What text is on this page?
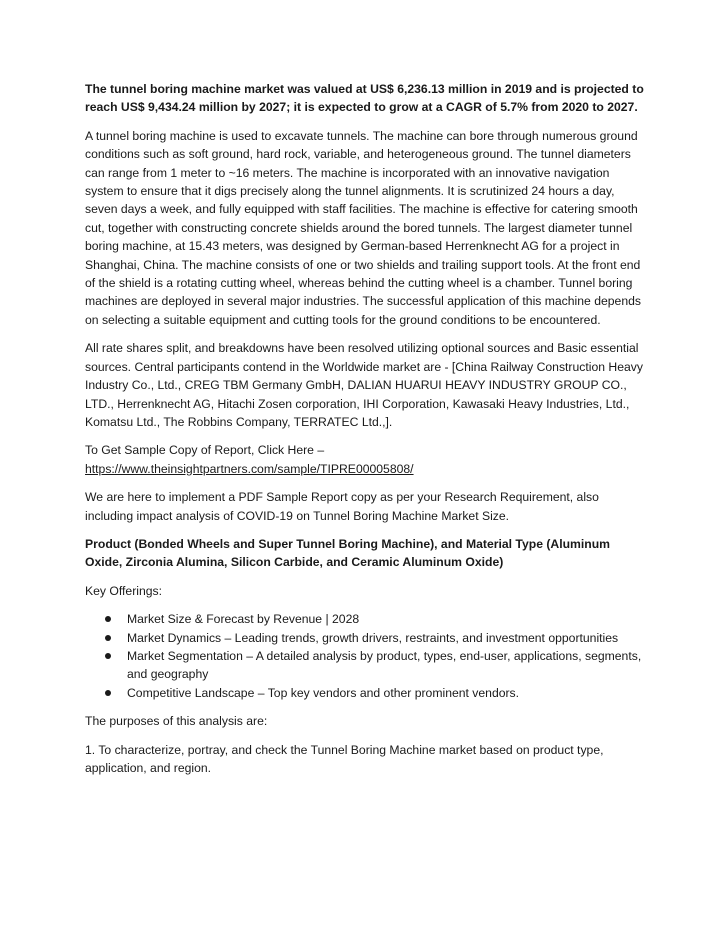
The tunnel boring machine market was valued at US$ 6,236.13 million in 2019 and is projected to reach US$ 9,434.24 million by 2027; it is expected to grow at a CAGR of 5.7% from 2020 to 2027.

A tunnel boring machine is used to excavate tunnels. The machine can bore through numerous ground conditions such as soft ground, hard rock, variable, and heterogeneous ground. The tunnel diameters can range from 1 meter to ~16 meters. The machine is incorporated with an innovative navigation system to ensure that it digs precisely along the tunnel alignments. It is scrutinized 24 hours a day, seven days a week, and fully equipped with staff facilities. The machine is effective for catering smooth cut, together with constructing concrete shields around the bored tunnels. The largest diameter tunnel boring machine, at 15.43 meters, was designed by German-based Herrenknecht AG for a project in Shanghai, China. The machine consists of one or two shields and trailing support tools. At the front end of the shield is a rotating cutting wheel, whereas behind the cutting wheel is a chamber. Tunnel boring machines are deployed in several major industries. The successful application of this machine depends on selecting a suitable equipment and cutting tools for the ground conditions to be encountered.

All rate shares split, and breakdowns have been resolved utilizing optional sources and Basic essential sources. Central participants contend in the Worldwide market are - [China Railway Construction Heavy Industry Co., Ltd., CREG TBM Germany GmbH, DALIAN HUARUI HEAVY INDUSTRY GROUP CO., LTD., Herrenknecht AG, Hitachi Zosen corporation, IHI Corporation, Kawasaki Heavy Industries, Ltd., Komatsu Ltd., The Robbins Company, TERRATEC Ltd.,].

To Get Sample Copy of Report, Click Here –
https://www.theinsightpartners.com/sample/TIPRE00005808/

We are here to implement a PDF Sample Report copy as per your Research Requirement, also including impact analysis of COVID-19 on Tunnel Boring Machine Market Size.

Product (Bonded Wheels and Super Tunnel Boring Machine), and Material Type (Aluminum Oxide, Zirconia Alumina, Silicon Carbide, and Ceramic Aluminum Oxide)

Key Offerings:

Market Size & Forecast by Revenue | 2028
Market Dynamics – Leading trends, growth drivers, restraints, and investment opportunities
Market Segmentation – A detailed analysis by product, types, end-user, applications, segments, and geography
Competitive Landscape – Top key vendors and other prominent vendors.

The purposes of this analysis are:

1. To characterize, portray, and check the Tunnel Boring Machine market based on product type, application, and region.
